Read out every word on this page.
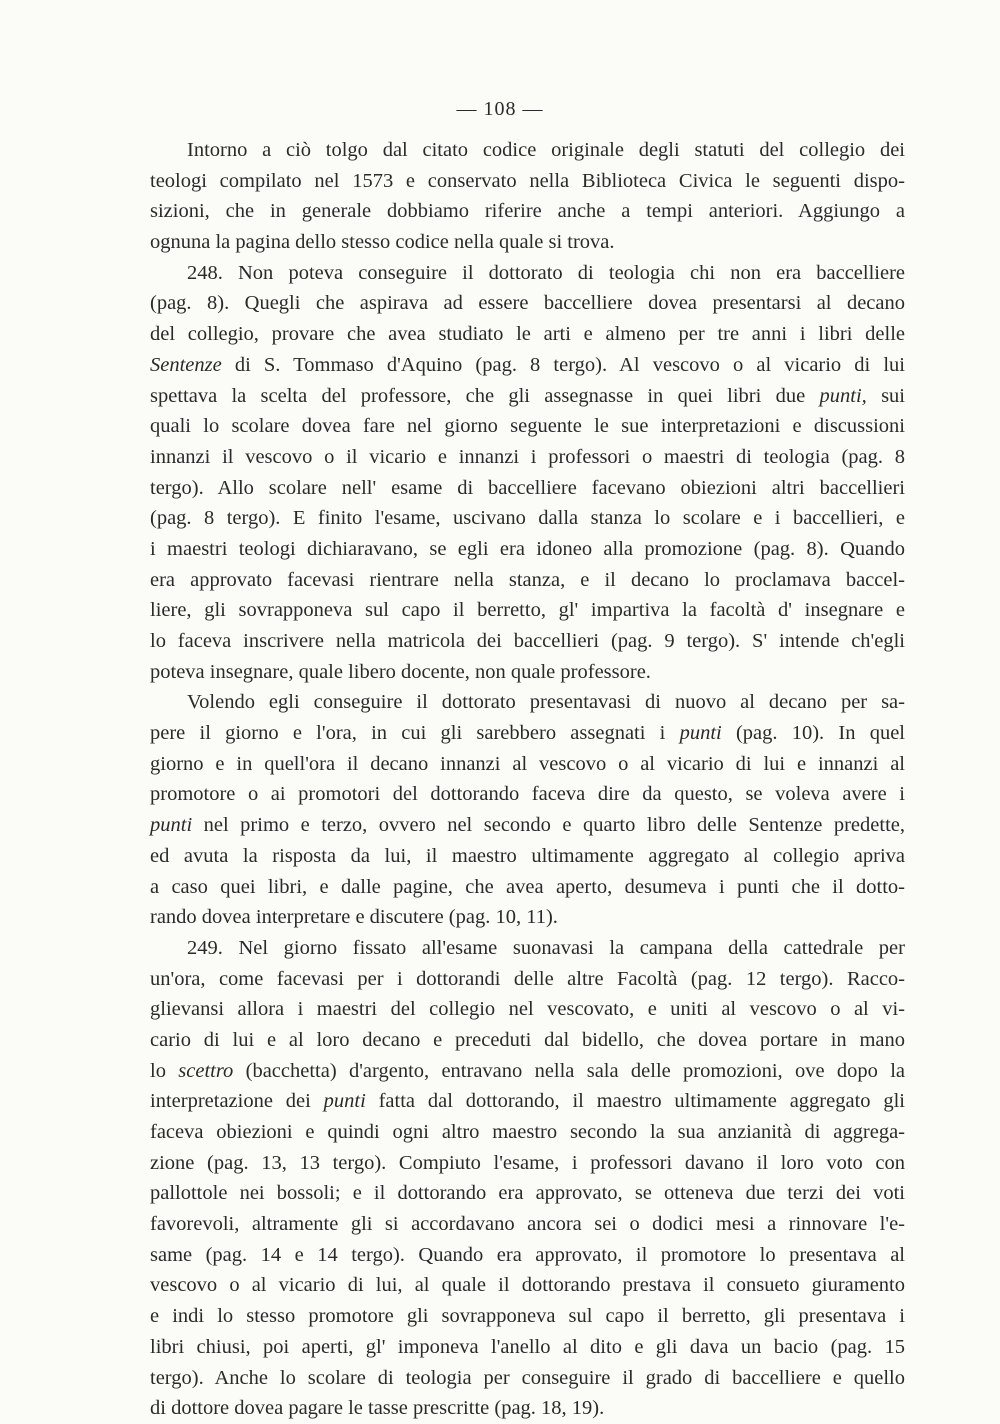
— 108 —
Intorno a ciò tolgo dal citato codice originale degli statuti del collegio dei
teologi compilato nel 1573 e conservato nella Biblioteca Civica le seguenti dispo-
sizioni, che in generale dobbiamo riferire anche a tempi anteriori. Aggiungo a
ognuna la pagina dello stesso codice nella quale si trova.
248. Non poteva conseguire il dottorato di teologia chi non era baccelliere
(pag. 8). Quegli che aspirava ad essere baccelliere dovea presentarsi al decano
del collegio, provare che avea studiato le arti e almeno per tre anni i libri delle
Sentenze di S. Tommaso d'Aquino (pag. 8 tergo). Al vescovo o al vicario di lui
spettava la scelta del professore, che gli assegnasse in quei libri due punti, sui
quali lo scolare dovea fare nel giorno seguente le sue interpretazioni e discussioni
innanzi il vescovo o il vicario e innanzi i professori o maestri di teologia (pag. 8
tergo). Allo scolare nell' esame di baccelliere facevano obiezioni altri baccellieri
(pag. 8 tergo). E finito l'esame, uscivano dalla stanza lo scolare e i baccellieri, e
i maestri teologi dichiaravano, se egli era idoneo alla promozione (pag. 8). Quando
era approvato facevasi rientrare nella stanza, e il decano lo proclamava baccel-
liere, gli sovrapponeva sul capo il berretto, gl' impartiva la facoltà d' insegnare e
lo faceva inscrivere nella matricola dei baccellieri (pag. 9 tergo). S' intende ch'egli
poteva insegnare, quale libero docente, non quale professore.
Volendo egli conseguire il dottorato presentavasi di nuovo al decano per sa-
pere il giorno e l'ora, in cui gli sarebbero assegnati i punti (pag. 10). In quel
giorno e in quell'ora il decano innanzi al vescovo o al vicario di lui e innanzi al
promotore o ai promotori del dottorando faceva dire da questo, se voleva avere i
punti nel primo e terzo, ovvero nel secondo e quarto libro delle Sentenze predette,
ed avuta la risposta da lui, il maestro ultimamente aggregato al collegio apriva
a caso quei libri, e dalle pagine, che avea aperto, desumeva i punti che il dotto-
rando dovea interpretare e discutere (pag. 10, 11).
249. Nel giorno fissato all'esame suonavasi la campana della cattedrale per
un'ora, come facevasi per i dottorandi delle altre Facoltà (pag. 12 tergo). Racco-
glievansi allora i maestri del collegio nel vescovato, e uniti al vescovo o al vi-
cario di lui e al loro decano e preceduti dal bidello, che dovea portare in mano
lo scettro (bacchetta) d'argento, entravano nella sala delle promozioni, ove dopo la
interpretazione dei punti fatta dal dottorando, il maestro ultimamente aggregato gli
faceva obiezioni e quindi ogni altro maestro secondo la sua anzianità di aggrega-
zione (pag. 13, 13 tergo). Compiuto l'esame, i professori davano il loro voto con
pallottole nei bossoli; e il dottorando era approvato, se otteneva due terzi dei voti
favorevoli, altramente gli si accordavano ancora sei o dodici mesi a rinnovare l'e-
same (pag. 14 e 14 tergo). Quando era approvato, il promotore lo presentava al
vescovo o al vicario di lui, al quale il dottorando prestava il consueto giuramento
e indi lo stesso promotore gli sovrapponeva sul capo il berretto, gli presentava i
libri chiusi, poi aperti, gl' imponeva l'anello al dito e gli dava un bacio (pag. 15
tergo). Anche lo scolare di teologia per conseguire il grado di baccelliere e quello
di dottore dovea pagare le tasse prescritte (pag. 18, 19).
